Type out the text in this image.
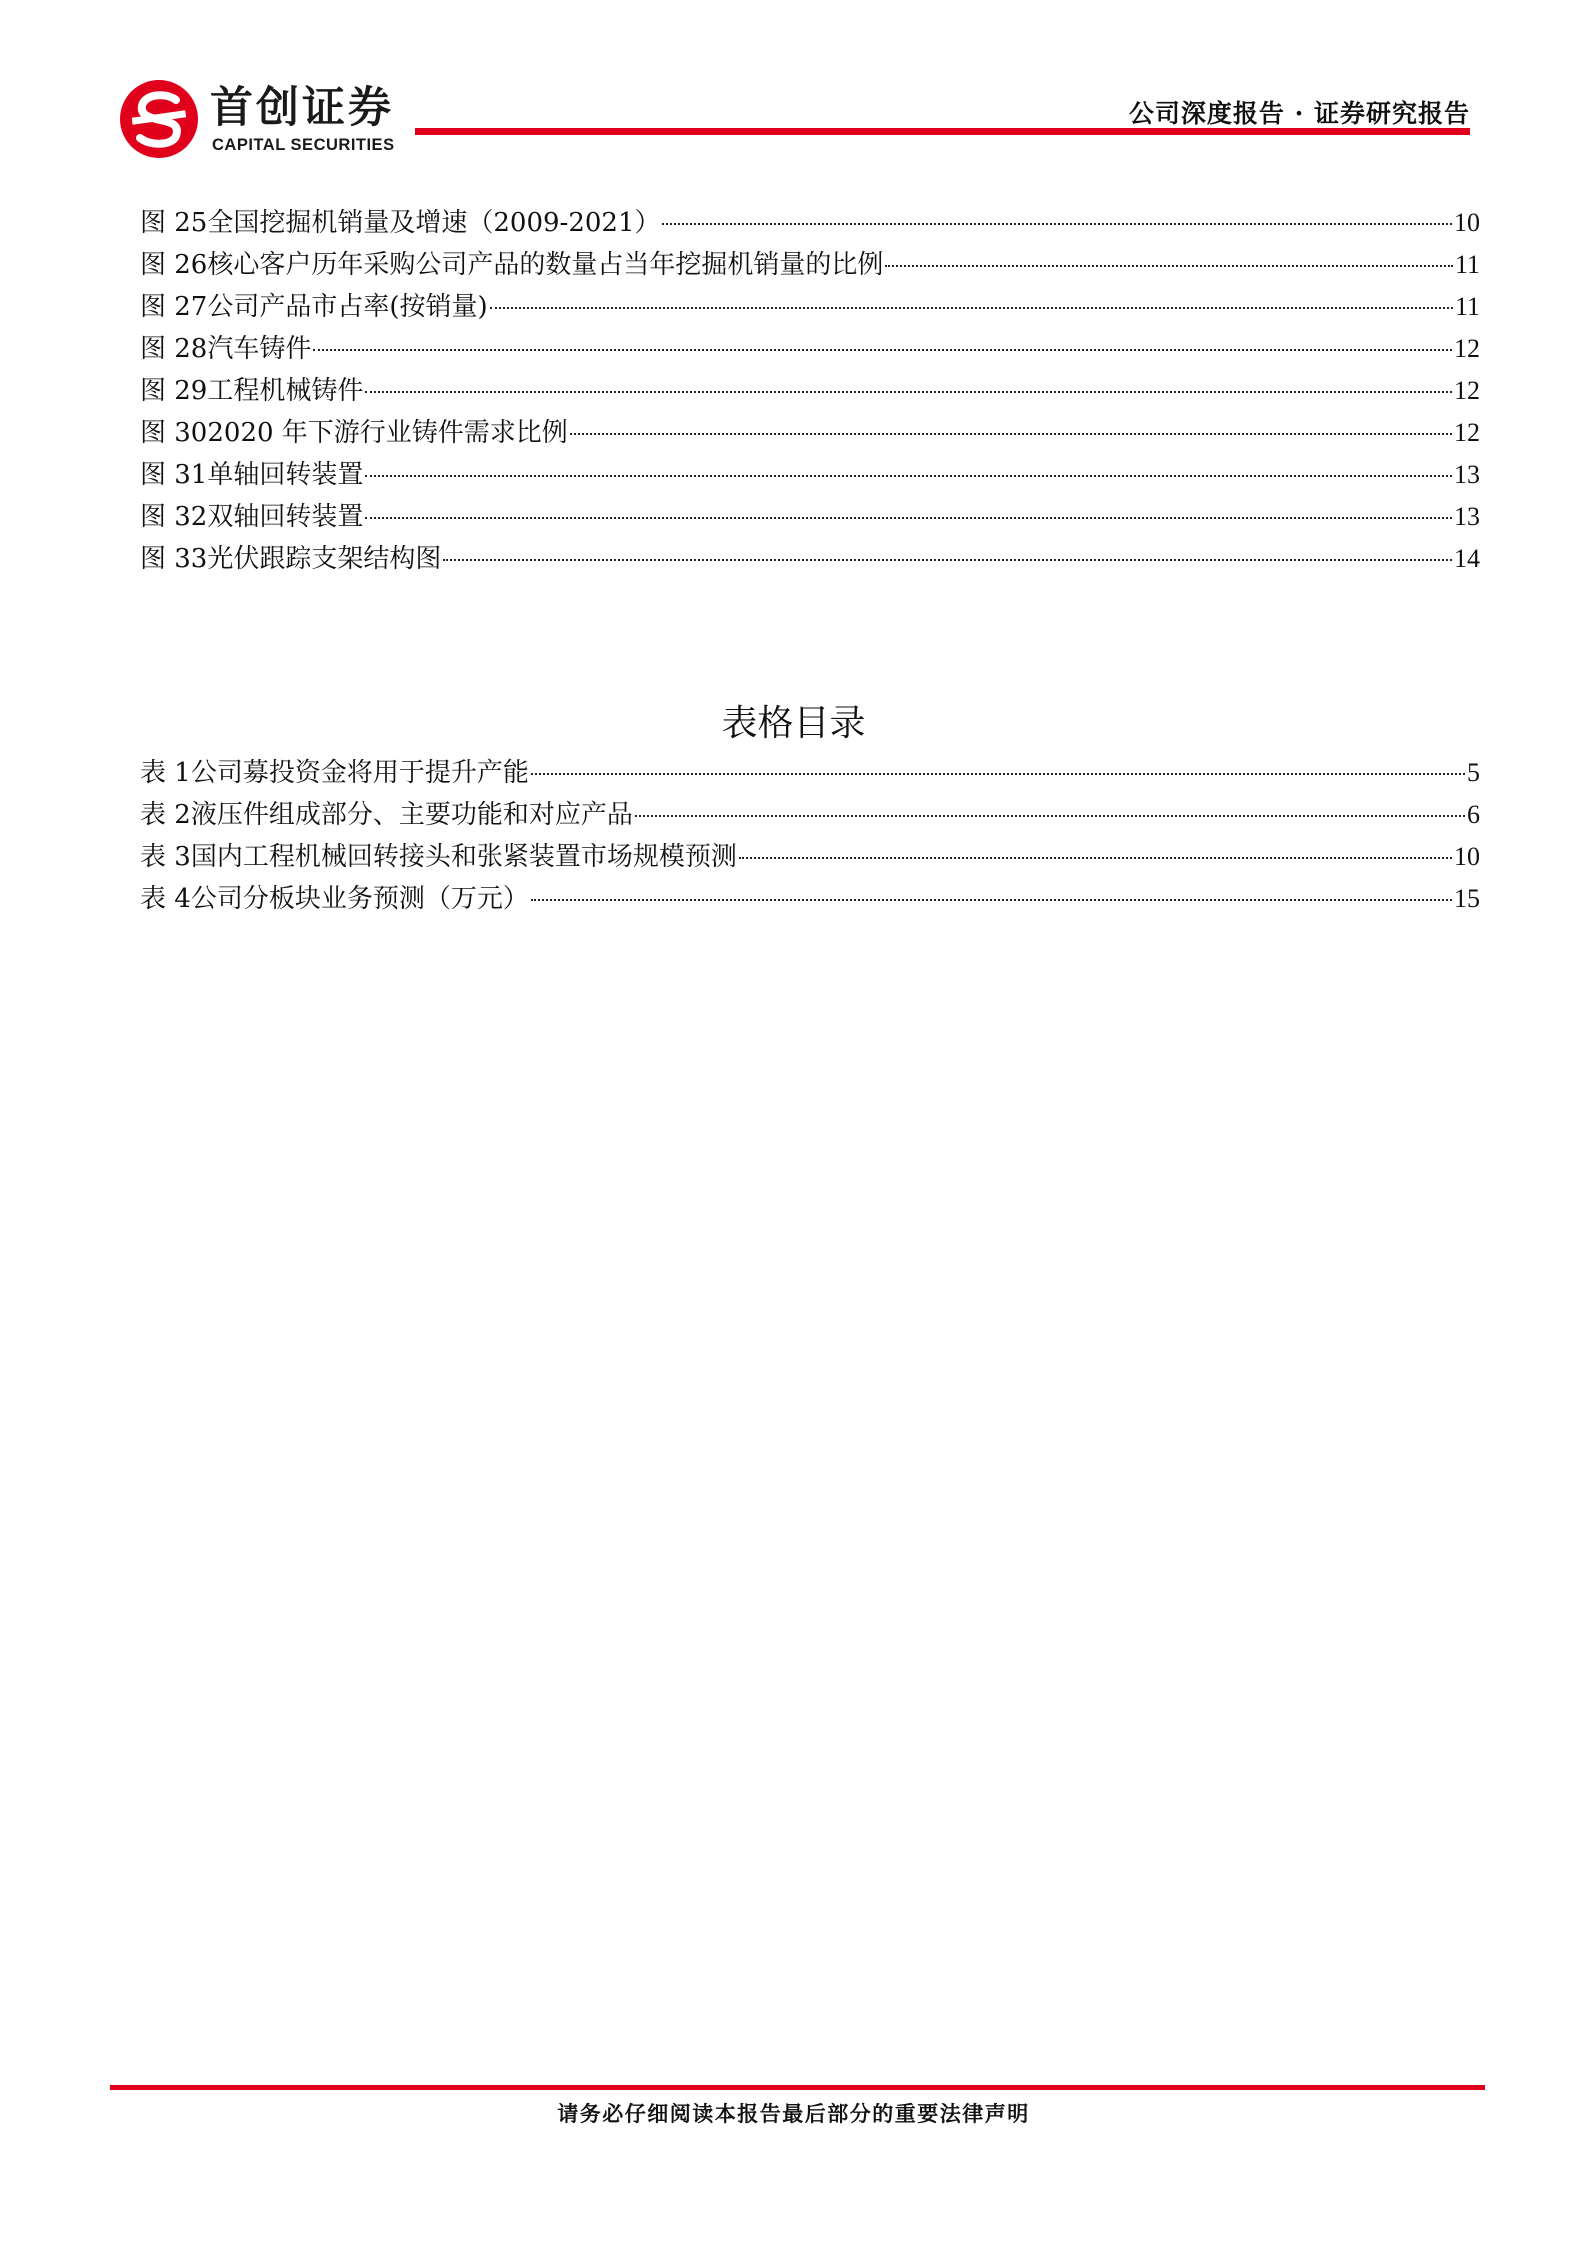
首创证券
CAPITAL SECURITIES
公司深度报告 · 证券研究报告
图 25 全国挖掘机销量及增速（2009-2021）	10
图 26 核心客户历年采购公司产品的数量占当年挖掘机销量的比例	11
图 27 公司产品市占率(按销量)	11
图 28 汽车铸件	12
图 29 工程机械铸件	12
图 30 2020 年下游行业铸件需求比例	12
图 31 单轴回转装置	13
图 32 双轴回转装置	13
图 33 光伏跟踪支架结构图	14
表格目录
表 1 公司募投资金将用于提升产能	5
表 2 液压件组成部分、主要功能和对应产品	6
表 3 国内工程机械回转接头和张紧装置市场规模预测	10
表 4 公司分板块业务预测（万元）	15
请务必仔细阅读本报告最后部分的重要法律声明
